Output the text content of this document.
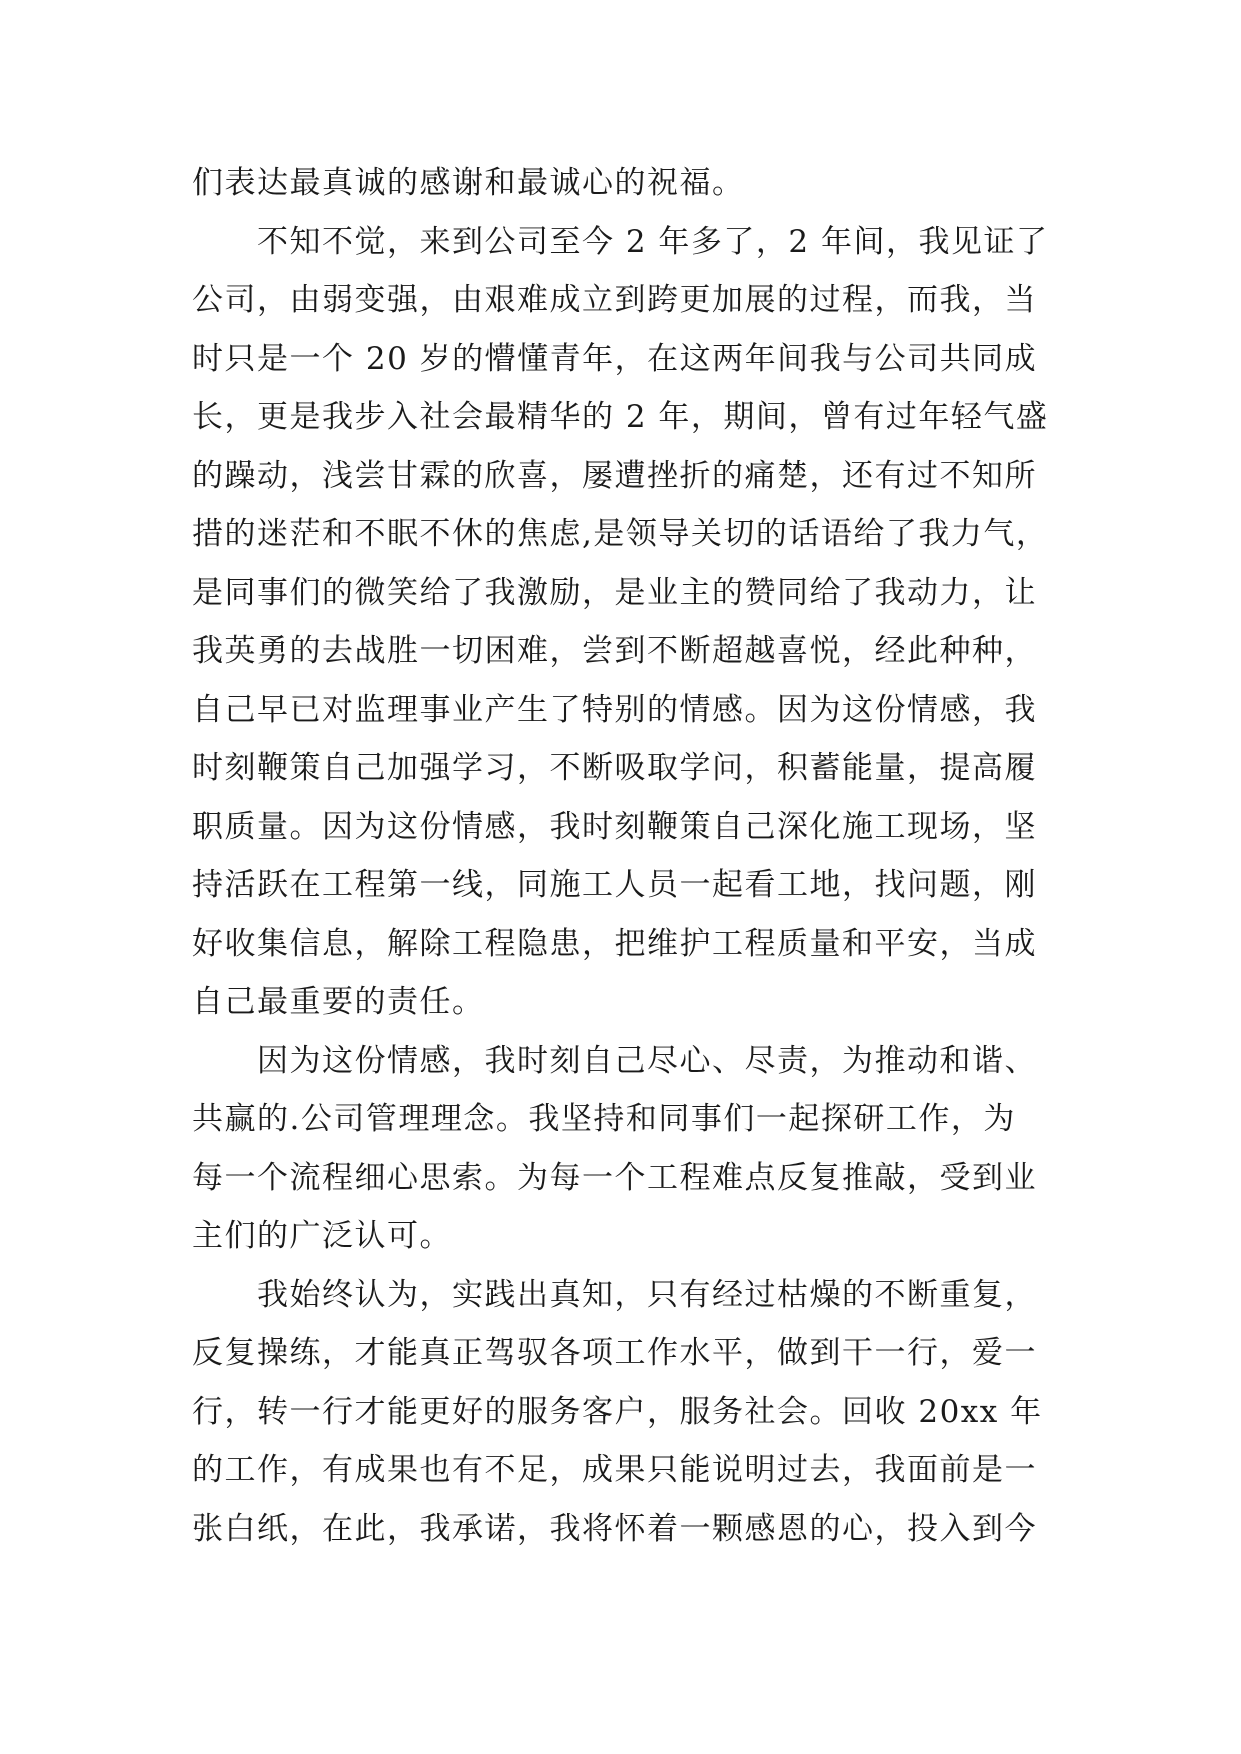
们表达最真诚的感谢和最诚心的祝福。
　　不知不觉，来到公司至今 2 年多了，2 年间，我见证了
公司，由弱变强，由艰难成立到跨更加展的过程，而我，当
时只是一个 20 岁的懵懂青年，在这两年间我与公司共同成
长，更是我步入社会最精华的 2 年，期间，曾有过年轻气盛
的躁动，浅尝甘霖的欣喜，屡遭挫折的痛楚，还有过不知所
措的迷茫和不眠不休的焦虑,是领导关切的话语给了我力气，
是同事们的微笑给了我激励，是业主的赞同给了我动力，让
我英勇的去战胜一切困难，尝到不断超越喜悦，经此种种，
自己早已对监理事业产生了特别的情感。因为这份情感，我
时刻鞭策自己加强学习，不断吸取学问，积蓄能量，提高履
职质量。因为这份情感，我时刻鞭策自己深化施工现场，坚
持活跃在工程第一线，同施工人员一起看工地，找问题，刚
好收集信息，解除工程隐患，把维护工程质量和平安，当成
自己最重要的责任。
　　因为这份情感，我时刻自己尽心、尽责，为推动和谐、
共赢的.公司管理理念。我坚持和同事们一起探研工作，为
每一个流程细心思索。为每一个工程难点反复推敲，受到业
主们的广泛认可。
　　我始终认为，实践出真知，只有经过枯燥的不断重复，
反复操练，才能真正驾驭各项工作水平，做到干一行，爱一
行，转一行才能更好的服务客户，服务社会。回收 20xx 年
的工作，有成果也有不足，成果只能说明过去，我面前是一
张白纸，在此，我承诺，我将怀着一颗感恩的心，投入到今
